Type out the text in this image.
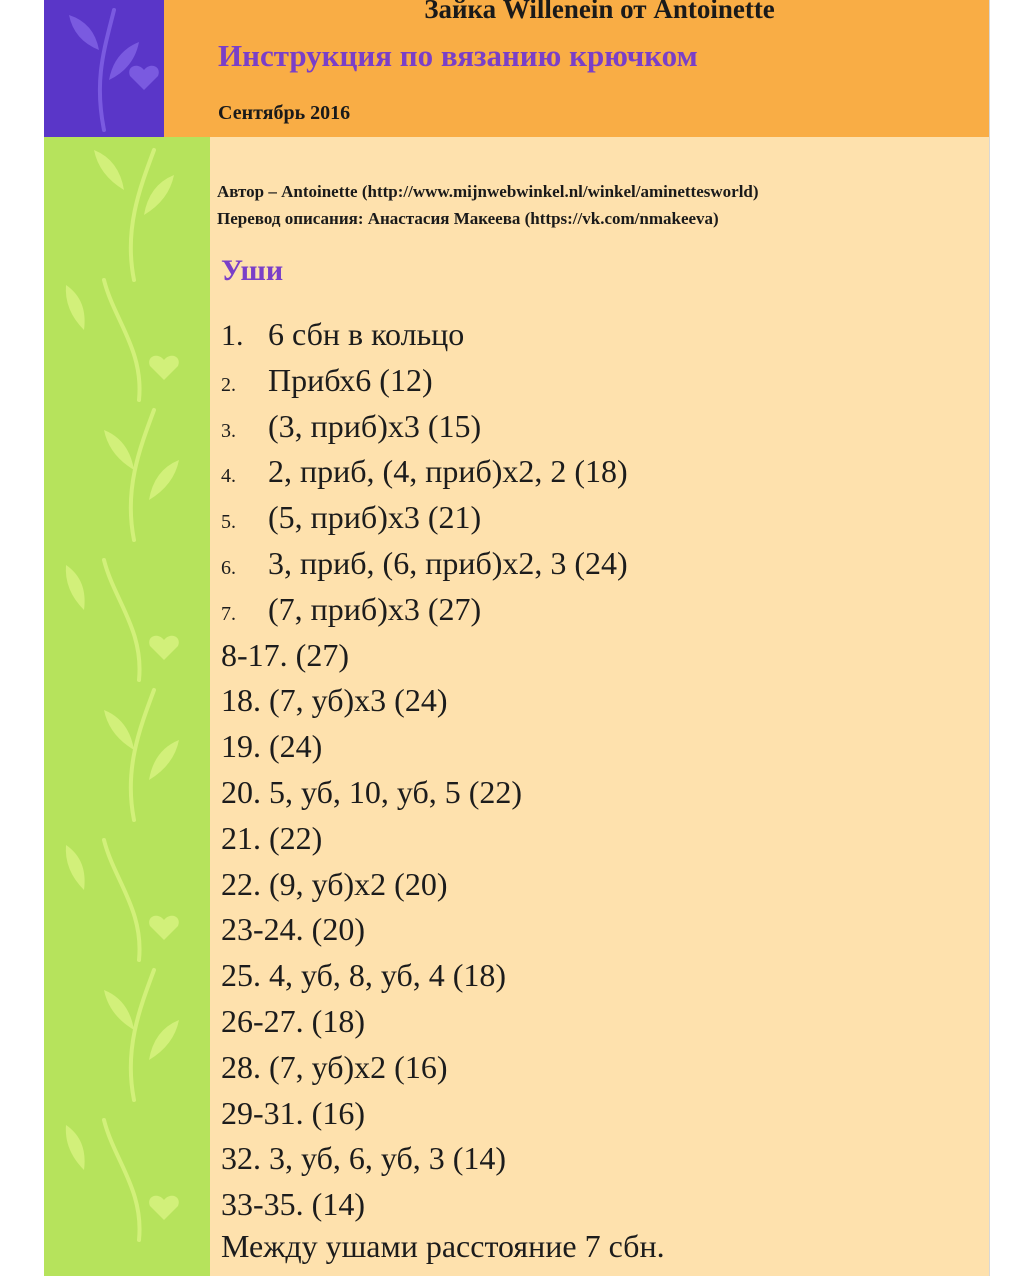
Зайка Willenein от Antoinette
Инструкция по вязанию крючком
Сентябрь 2016
Автор – Antoinette (http://www.mijnwebwinkel.nl/winkel/aminettesworld)
Перевод описания: Анастасия Макеева (https://vk.com/nmakeeva)
Уши
1. 6 сбн в кольцо
2. Прибх6 (12)
3. (3, приб)х3 (15)
4. 2, приб, (4, приб)х2, 2 (18)
5. (5, приб)х3 (21)
6. 3, приб, (6, приб)х2, 3 (24)
7. (7, приб)х3 (27)
8-17. (27)
18. (7, уб)х3 (24)
19. (24)
20. 5, уб, 10, уб, 5 (22)
21. (22)
22. (9, уб)х2 (20)
23-24. (20)
25. 4, уб, 8, уб, 4 (18)
26-27. (18)
28. (7, уб)х2 (16)
29-31. (16)
32. 3, уб, 6, уб, 3 (14)
33-35. (14)
Между ушами расстояние 7 сбн.
